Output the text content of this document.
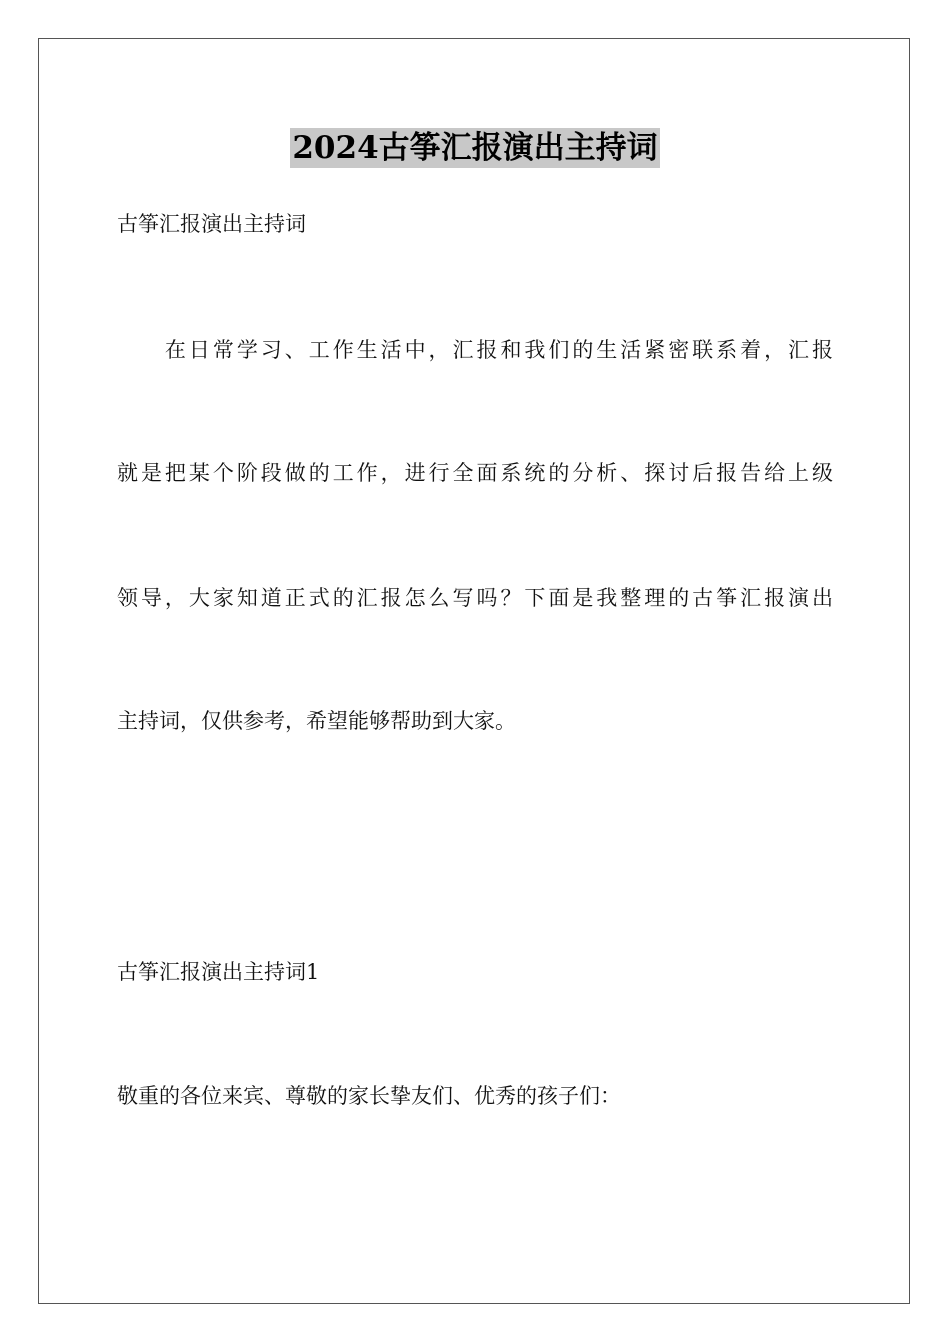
2024古筝汇报演出主持词
古筝汇报演出主持词
　　在日常学习、工作生活中，汇报和我们的生活紧密联系着，汇报
就是把某个阶段做的工作，进行全面系统的分析、探讨后报告给上级
领导，大家知道正式的汇报怎么写吗？下面是我整理的古筝汇报演出
主持词，仅供参考，希望能够帮助到大家。
古筝汇报演出主持词1
敬重的各位来宾、尊敬的家长挚友们、优秀的孩子们：
